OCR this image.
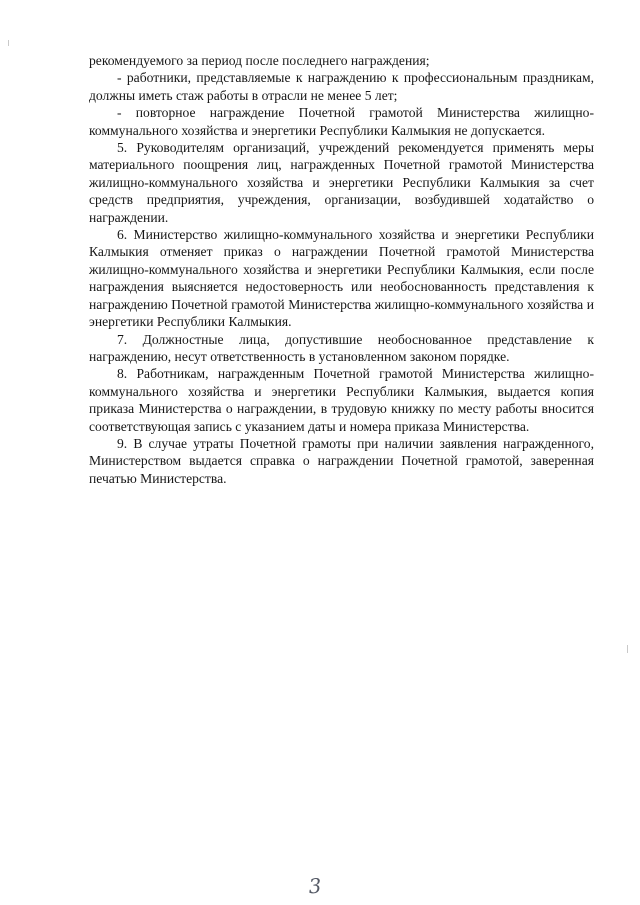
рекомендуемого за период после последнего награждения;

- работники, представляемые к награждению к профессиональным праздникам, должны иметь стаж работы в отрасли не менее 5 лет;

- повторное награждение Почетной грамотой Министерства жилищно-коммунального хозяйства и энергетики Республики Калмыкия не допускается.

5. Руководителям организаций, учреждений рекомендуется применять меры материального поощрения лиц, награжденных Почетной грамотой Министерства жилищно-коммунального хозяйства и энергетики Республики Калмыкия за счет средств предприятия, учреждения, организации, возбудившей ходатайство о награждении.

6. Министерство жилищно-коммунального хозяйства и энергетики Республики Калмыкия отменяет приказ о награждении Почетной грамотой Министерства жилищно-коммунального хозяйства и энергетики Республики Калмыкия, если после награждения выясняется недостоверность или необоснованность представления к награждению Почетной грамотой Министерства жилищно-коммунального хозяйства и энергетики Республики Калмыкия.

7. Должностные лица, допустившие необоснованное представление к награждению, несут ответственность в установленном законом порядке.

8. Работникам, награжденным Почетной грамотой Министерства жилищно-коммунального хозяйства и энергетики Республики Калмыкия, выдается копия приказа Министерства о награждении, в трудовую книжку по месту работы вносится соответствующая запись с указанием даты и номера приказа Министерства.

9. В случае утраты Почетной грамоты при наличии заявления награжденного, Министерством выдается справка о награждении Почетной грамотой, заверенная печатью Министерства.

3
